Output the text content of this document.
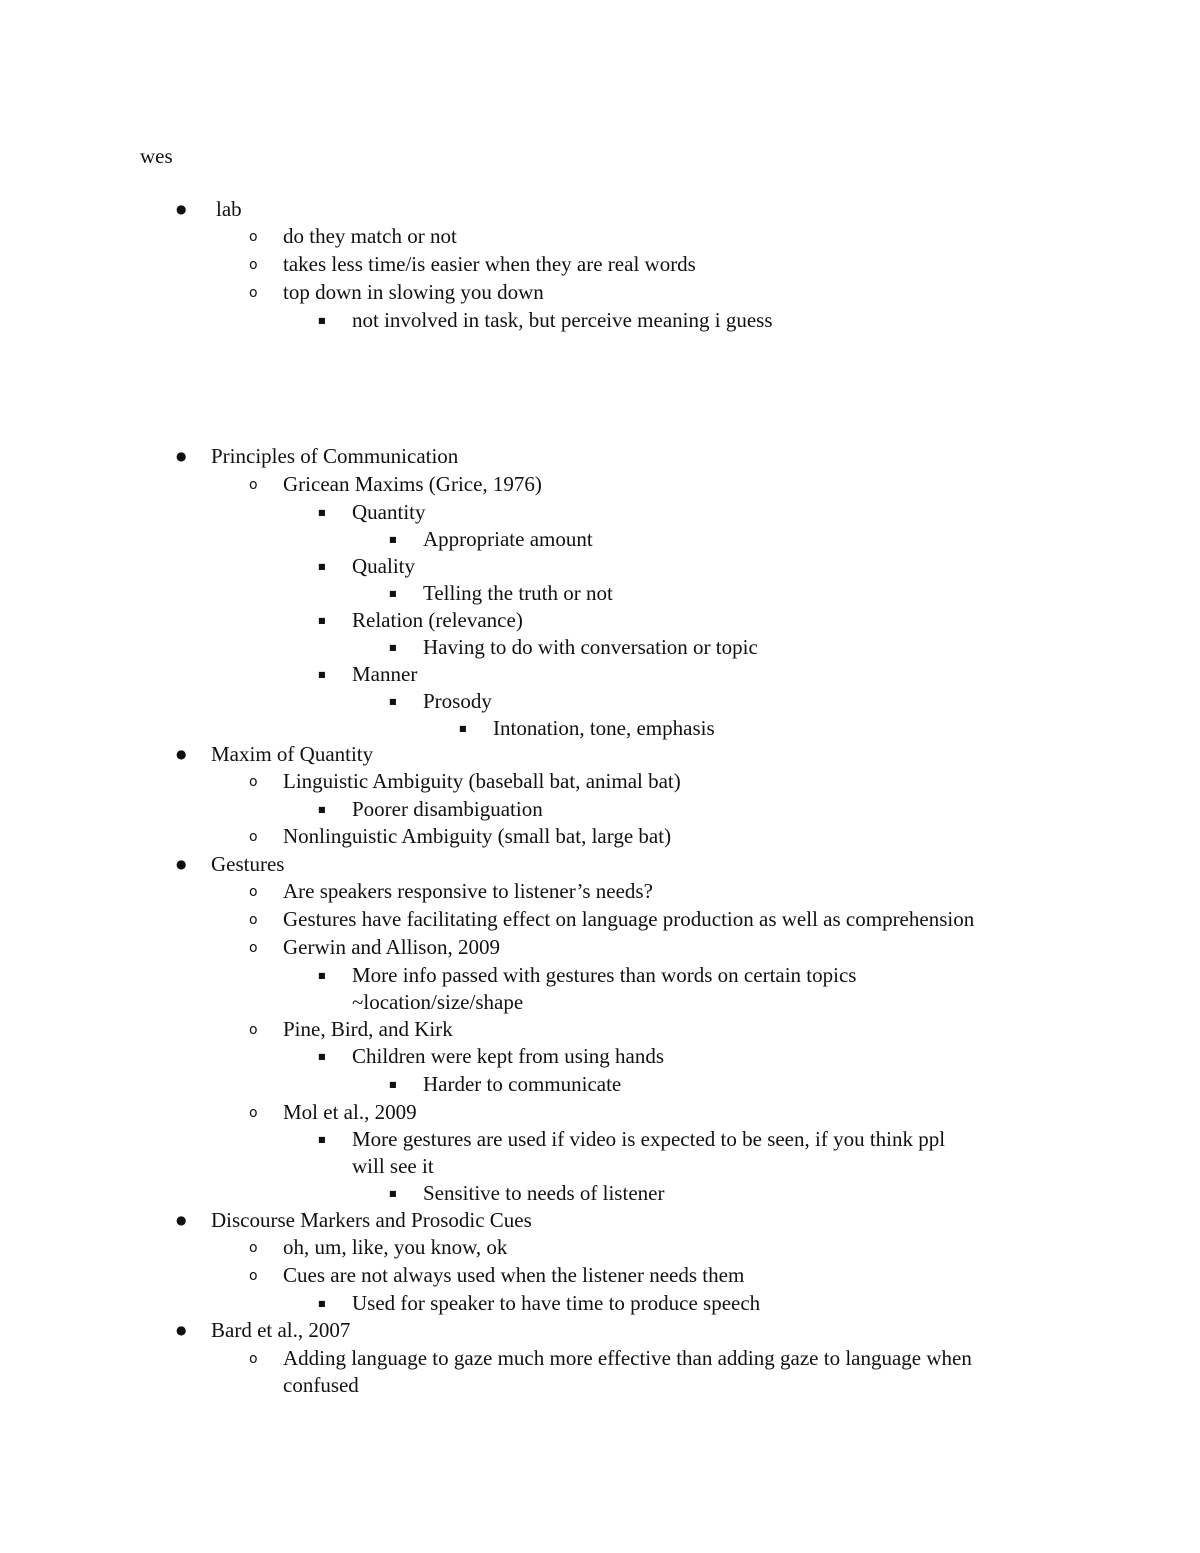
wes
● lab
o do they match or not
o takes less time/is easier when they are real words
o top down in slowing you down
■ not involved in task, but perceive meaning i guess
● Principles of Communication
o Gricean Maxims (Grice, 1976)
■ Quantity
■ Appropriate amount
■ Quality
■ Telling the truth or not
■ Relation (relevance)
■ Having to do with conversation or topic
■ Manner
■ Prosody
■ Intonation, tone, emphasis
● Maxim of Quantity
o Linguistic Ambiguity (baseball bat, animal bat)
■ Poorer disambiguation
o Nonlinguistic Ambiguity (small bat, large bat)
● Gestures
o Are speakers responsive to listener’s needs?
o Gestures have facilitating effect on language production as well as comprehension
o Gerwin and Allison, 2009
■ More info passed with gestures than words on certain topics
~location/size/shape
o Pine, Bird, and Kirk
■ Children were kept from using hands
■ Harder to communicate
o Mol et al., 2009
■ More gestures are used if video is expected to be seen, if you think ppl
will see it
■ Sensitive to needs of listener
● Discourse Markers and Prosodic Cues
o oh, um, like, you know, ok
o Cues are not always used when the listener needs them
■ Used for speaker to have time to produce speech
● Bard et al., 2007
o Adding language to gaze much more effective than adding gaze to language when
confused
